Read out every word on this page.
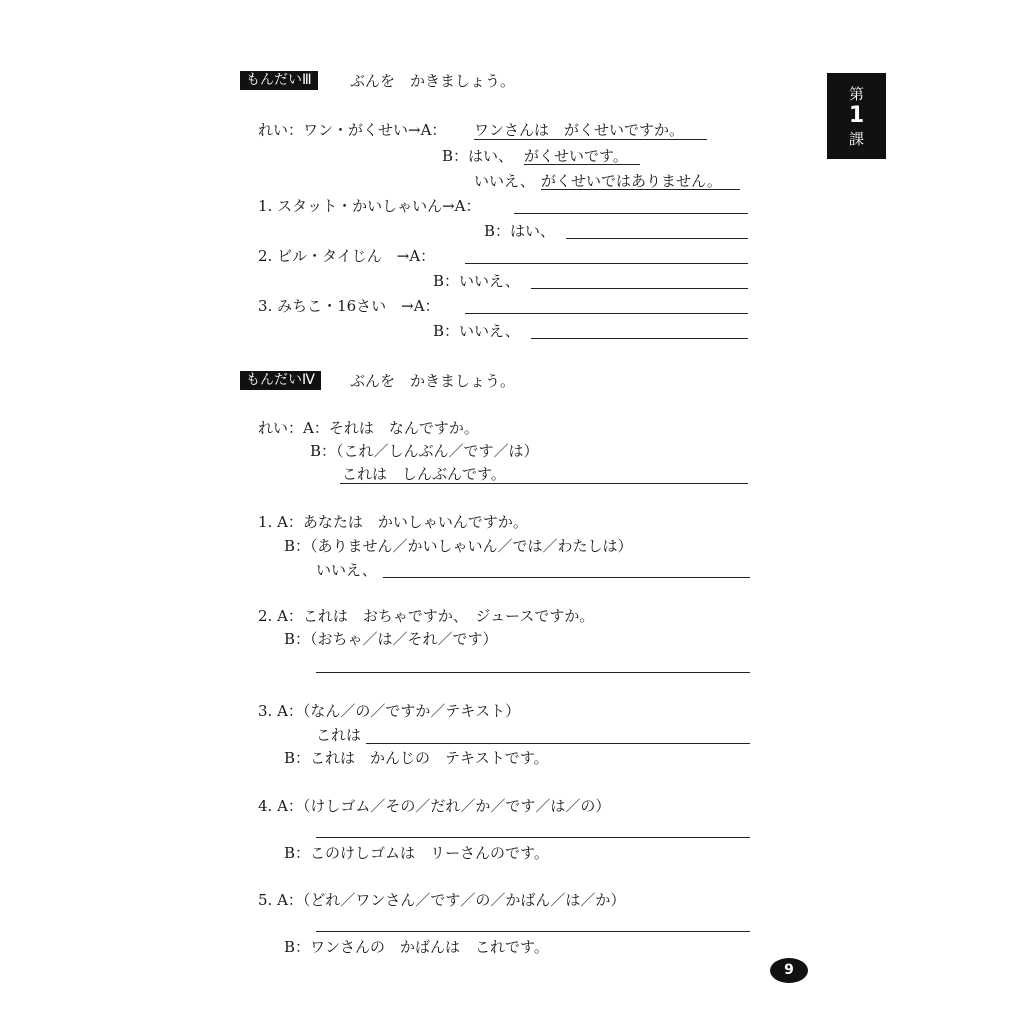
第
1
課
もんだいⅢ	ぶんを　かきましょう。
れい：ワン・がくせい→A： ワンさんは　がくせいですか。
B：はい、 がくせいです。
いいえ、 がくせいではありません。
1. スタット・かいしゃいん→A：
B：はい、
2. ビル・タイじん　→A：
B：いいえ、
3. みちこ・16さい　→A：
B：いいえ、
もんだいⅣ	ぶんを　かきましょう。
れい：A：それは　なんですか。
B：（これ／しんぶん／です／は）
これは　しんぶんです。
1. A：あなたは　かいしゃいんですか。
B：（ありません／かいしゃいん／では／わたしは）
いいえ、
2. A：これは　おちゃですか、　ジュースですか。
B：（おちゃ／は／それ／です）
3. A：（なん／の／ですか／テキスト）
これは
B：これは　かんじの　テキストです。
4. A：（けしゴム／その／だれ／か／です／は／の）
B：このけしゴムは　リーさんのです。
5. A：（どれ／ワンさん／です／の／かばん／は／か）
B：ワンさんの　かばんは　これです。
9
